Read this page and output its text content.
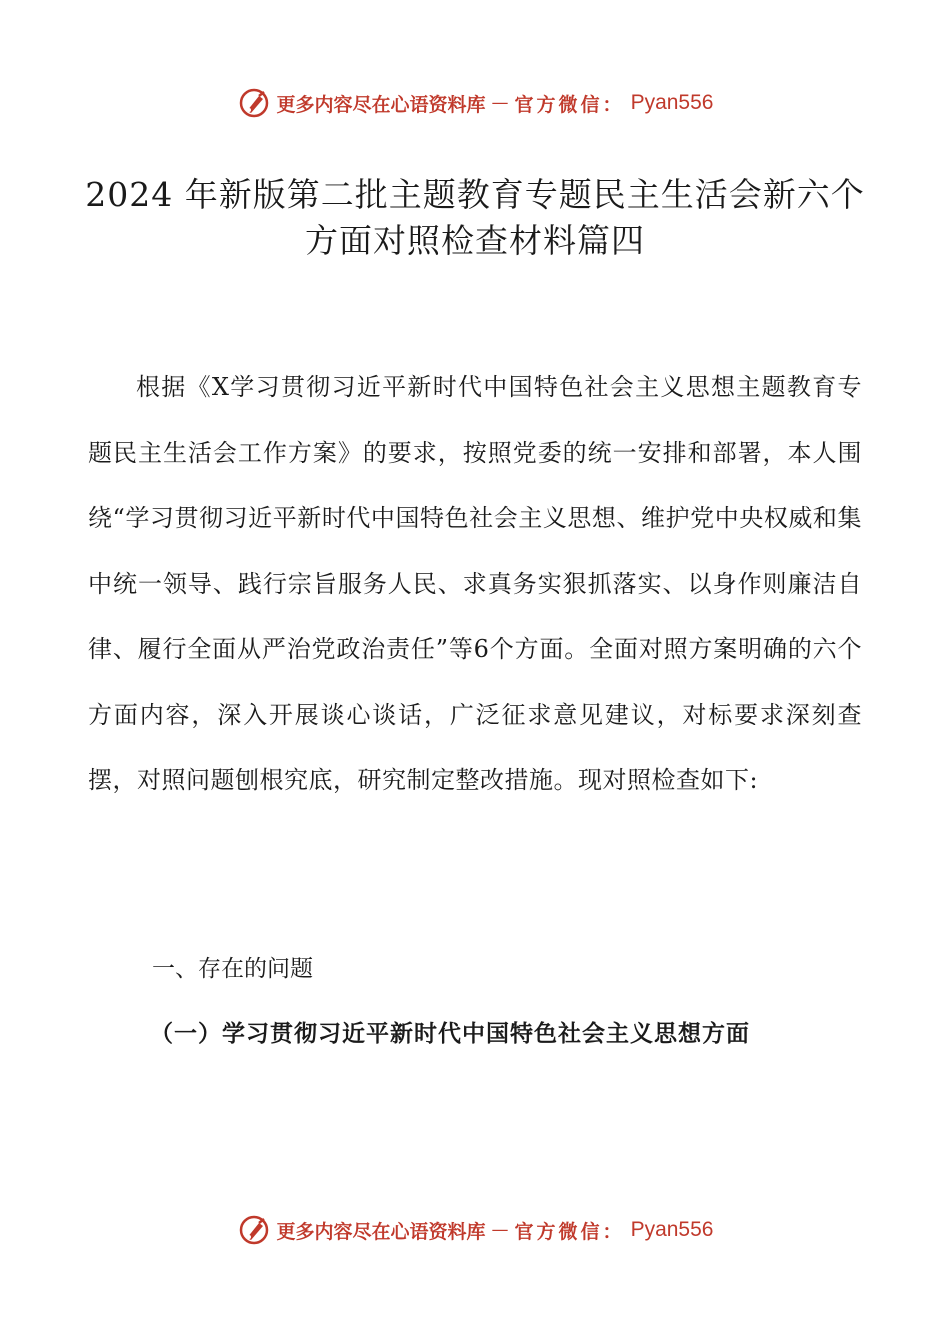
更多内容尽在心语资料库 — 官方微信： Pyan556
2024 年新版第二批主题教育专题民主生活会新六个方面对照检查材料篇四

根据《X学习贯彻习近平新时代中国特色社会主义思想主题教育专题民主生活会工作方案》的要求，按照党委的统一安排和部署，本人围绕“学习贯彻习近平新时代中国特色社会主义思想、维护党中央权威和集中统一领导、践行宗旨服务人民、求真务实狠抓落实、以身作则廉洁自律、履行全面从严治党政治责任”等6个方面。全面对照方案明确的六个方面内容，深入开展谈心谈话，广泛征求意见建议，对标要求深刻查摆，对照问题刨根究底，研究制定整改措施。现对照检查如下:

一、存在的问题
（一）学习贯彻习近平新时代中国特色社会主义思想方面
更多内容尽在心语资料库 — 官方微信： Pyan556
